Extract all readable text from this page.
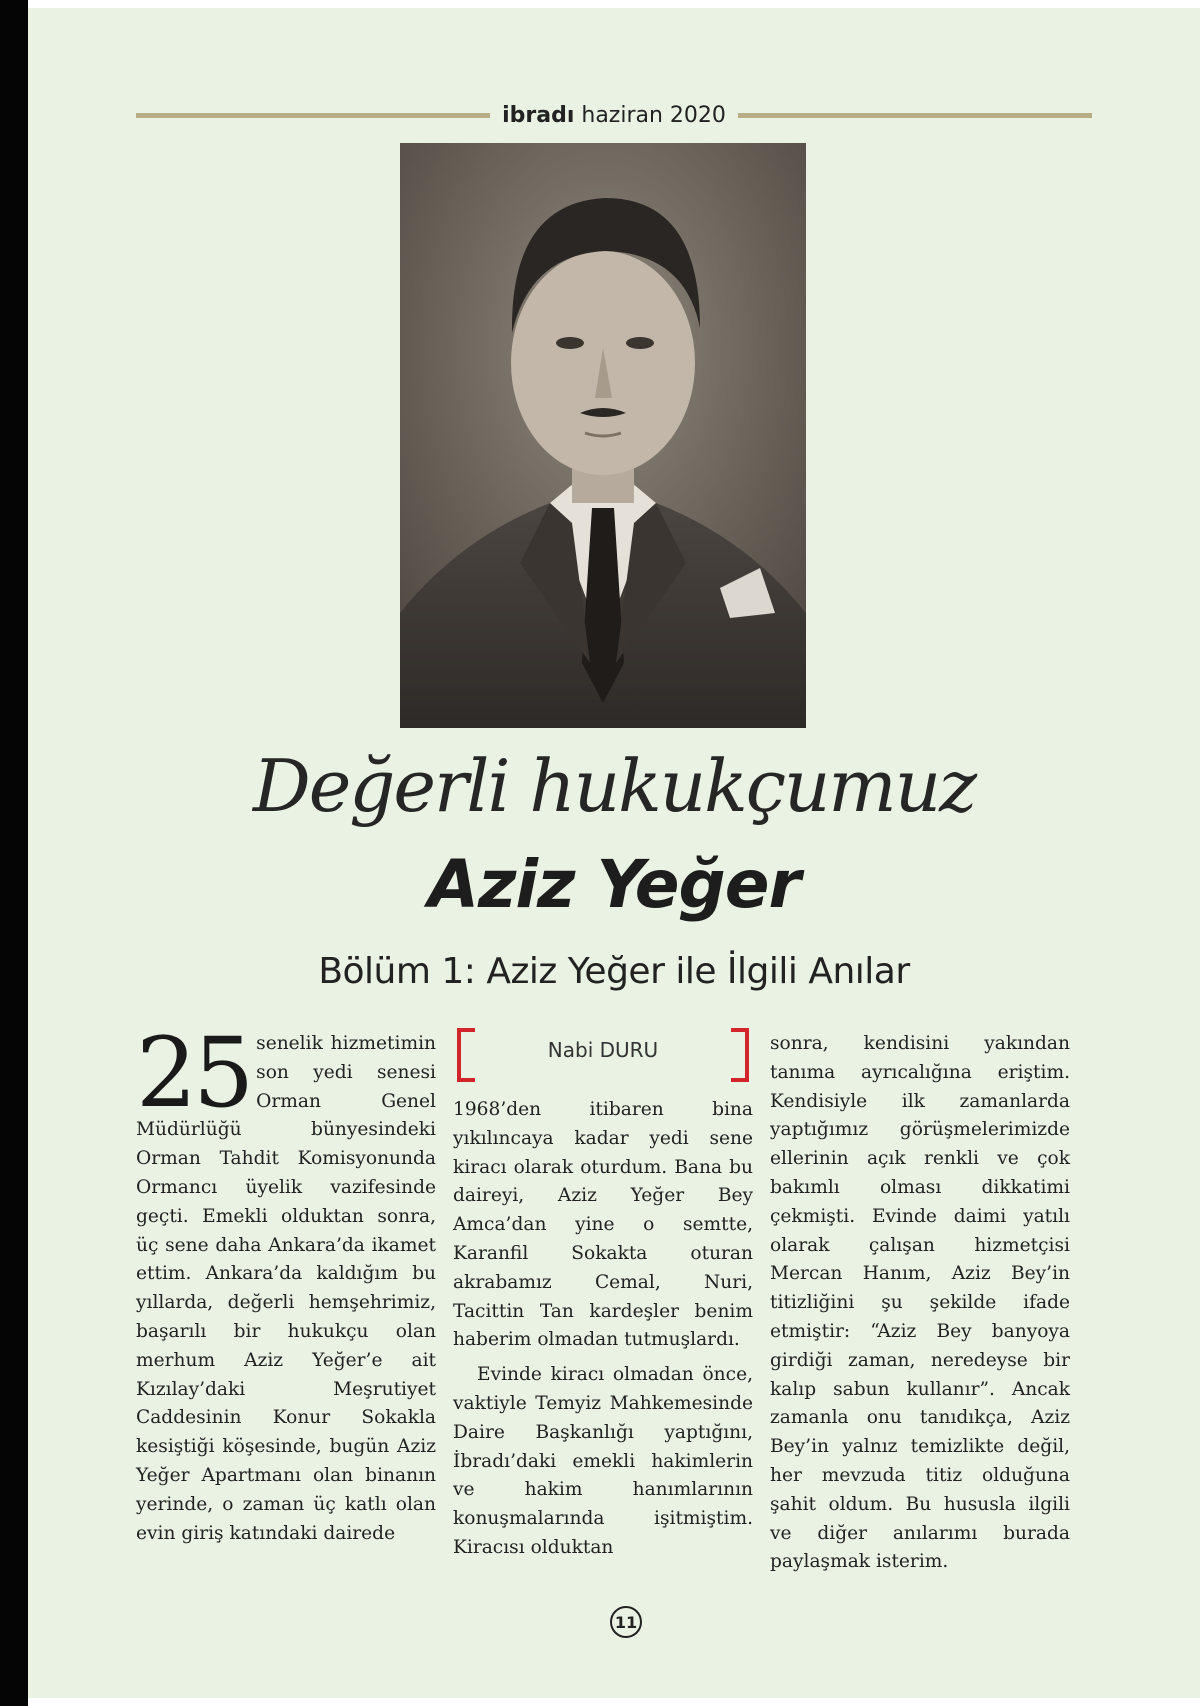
ibradı haziran 2020
Değerli hukukçumuz
Aziz Yeğer
Bölüm 1: Aziz Yeğer ile İlgili Anılar

25 senelik hizmetimin son yedi senesi Orman Genel Müdürlüğü bünyesindeki Orman Tahdit Komisyonunda Ormancı üyelik vazifesinde geçti. Emekli olduktan sonra, üç sene daha Ankara’da ikamet ettim. Ankara’da kaldığım bu yıllarda, değerli hemşehrimiz, başarılı bir hukukçu olan merhum Aziz Yeğer’e ait Kızılay’daki Meşrutiyet Caddesinin Konur Sokakla kesiştiği köşesinde, bugün Aziz Yeğer Apartmanı olan binanın yerinde, o zaman üç katlı olan evin giriş katındaki dairede

Nabi DURU

1968’den itibaren bina yıkılıncaya kadar yedi sene kiracı olarak oturdum. Bana bu daireyi, Aziz Yeğer Bey Amca’dan yine o semtte, Karanfil Sokakta oturan akrabamız Cemal, Nuri, Tacittin Tan kardeşler benim haberim olmadan tutmuşlardı.

Evinde kiracı olmadan önce, vaktiyle Temyiz Mahkemesinde Daire Başkanlığı yaptığını, İbradı’daki emekli hakimlerin ve hakim hanımlarının konuşmalarında işitmiştim. Kiracısı olduktan

sonra, kendisini yakından tanıma ayrıcalığına eriştim. Kendisiyle ilk zamanlarda yaptığımız görüşmelerimizde ellerinin açık renkli ve çok bakımlı olması dikkatimi çekmişti. Evinde daimi yatılı olarak çalışan hizmetçisi Mercan Hanım, Aziz Bey’in titizliğini şu şekilde ifade etmiştir: “Aziz Bey banyoya girdiği zaman, neredeyse bir kalıp sabun kullanır”. Ancak zamanla onu tanıdıkça, Aziz Bey’in yalnız temizlikte değil, her mevzuda titiz olduğuna şahit oldum. Bu hususla ilgili ve diğer anılarımı burada paylaşmak isterim.

11
